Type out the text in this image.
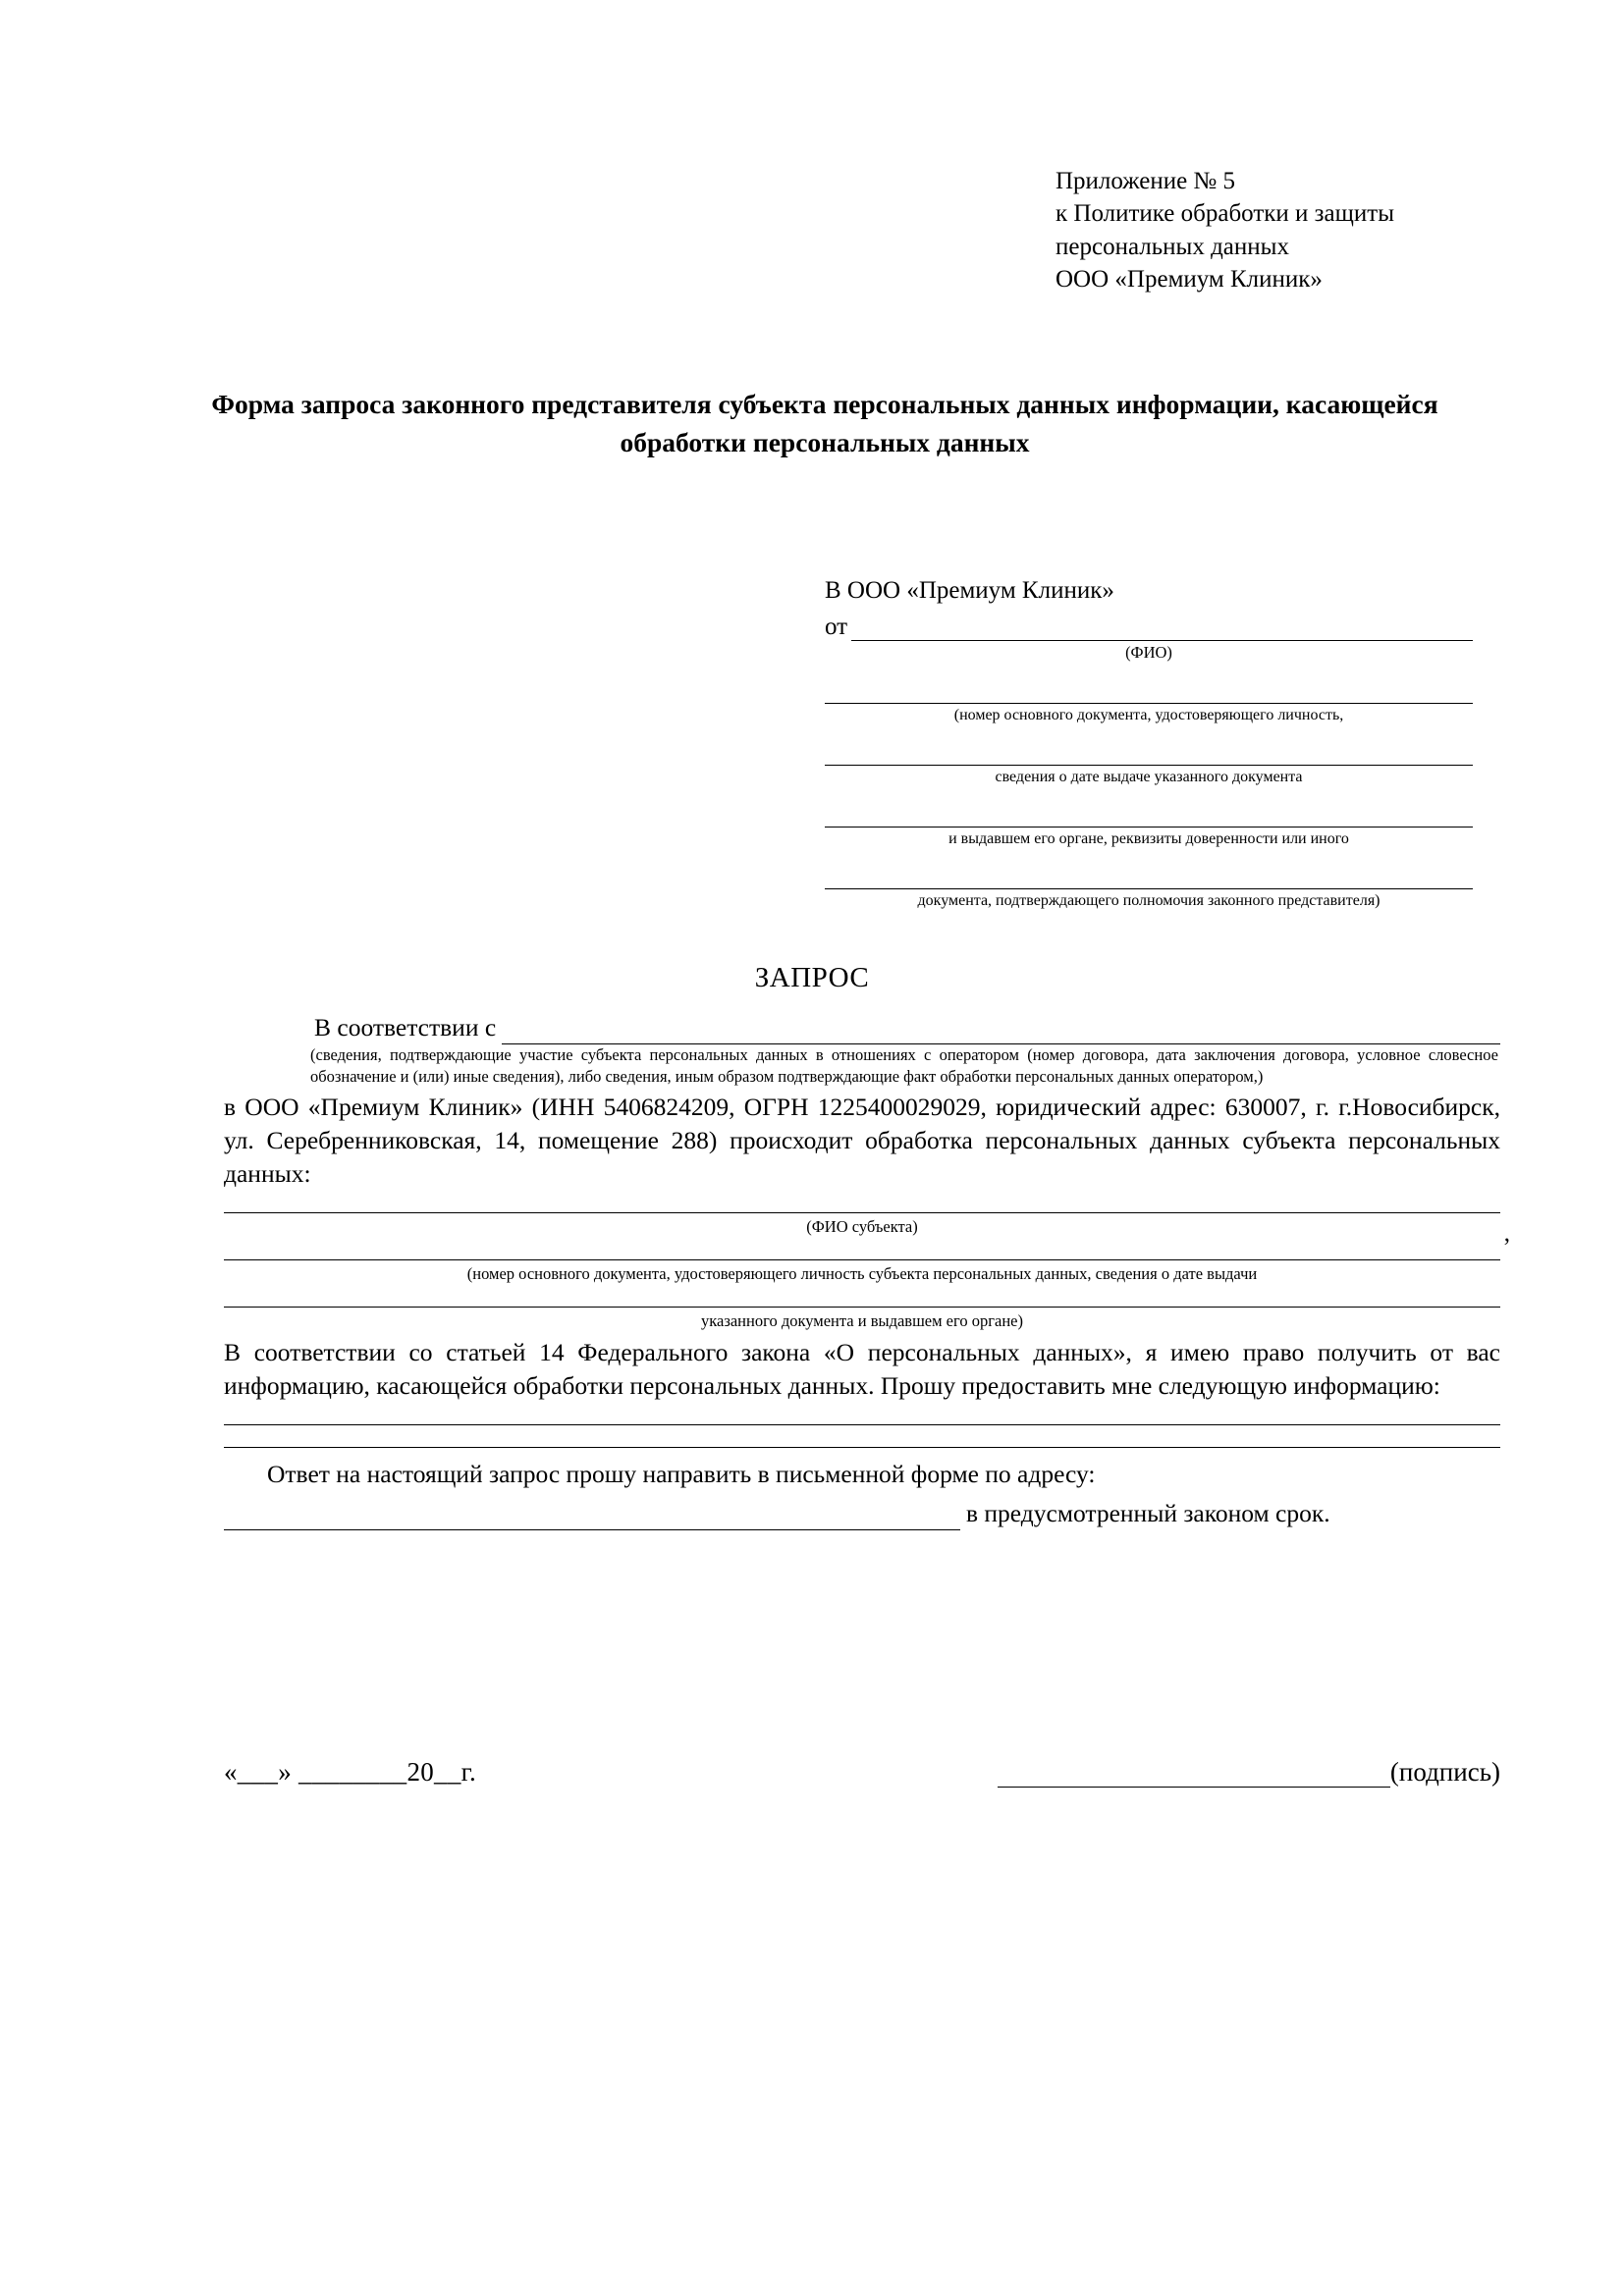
Приложение № 5
к Политике обработки и защиты
персональных данных
ООО «Премиум Клиник»
Форма запроса законного представителя субъекта персональных данных информации, касающейся обработки персональных данных
В ООО «Премиум Клиник»
от
(ФИО)
(номер основного документа, удостоверяющего личность,
сведения о дате выдаче указанного документа
и выдавшем его органе, реквизиты доверенности или иного
документа, подтверждающего полномочия законного представителя)
ЗАПРОС
В соответствии с
(сведения, подтверждающие участие субъекта персональных данных в отношениях с оператором (номер договора, дата заключения договора, условное словесное обозначение и (или) иные сведения), либо сведения, иным образом подтверждающие факт обработки персональных данных оператором,)
в ООО «Премиум Клиник» (ИНН 5406824209, ОГРН 1225400029029, юридический адрес: 630007, г. г.Новосибирск, ул. Серебренниковская, 14, помещение 288) происходит обработка персональных данных субъекта персональных данных:
,
(ФИО субъекта)
(номер основного документа, удостоверяющего личность субъекта персональных данных, сведения о дате выдачи
указанного документа и выдавшем его органе)
В соответствии со статьей 14 Федерального закона «О персональных данных», я имею право получить от вас информацию, касающейся обработки персональных данных. Прошу предоставить мне следующую информацию:
Ответ на настоящий запрос прошу направить в письменной форме по адресу:
в предусмотренный законом срок.
«___» ________20__г.	(подпись)
